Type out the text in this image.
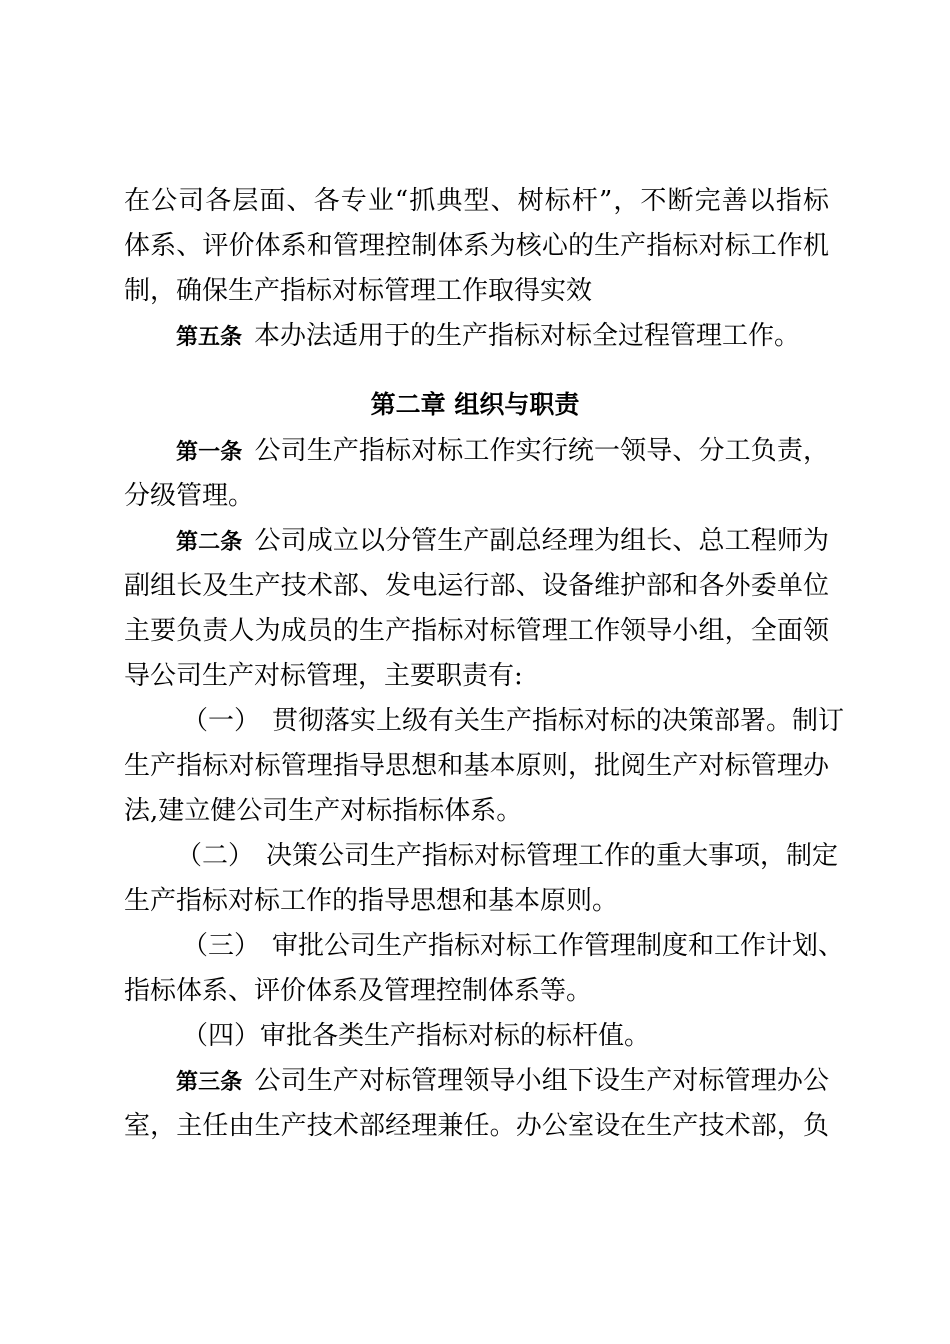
在公司各层面、各专业“抓典型、树标杆”，不断完善以指标
体系、评价体系和管理控制体系为核心的生产指标对标工作机
制，确保生产指标对标管理工作取得实效
第五条 本办法适用于的生产指标对标全过程管理工作。
第二章 组织与职责
第一条 公司生产指标对标工作实行统一领导、分工负责，
分级管理。
第二条 公司成立以分管生产副总经理为组长、总工程师为
副组长及生产技术部、发电运行部、设备维护部和各外委单位
主要负责人为成员的生产指标对标管理工作领导小组，全面领
导公司生产对标管理，主要职责有:
（一） 贯彻落实上级有关生产指标对标的决策部署。制订
生产指标对标管理指导思想和基本原则，批阅生产对标管理办
法,建立健公司生产对标指标体系。
（二） 决策公司生产指标对标管理工作的重大事项，制定
生产指标对标工作的指导思想和基本原则。
（三） 审批公司生产指标对标工作管理制度和工作计划、
指标体系、评价体系及管理控制体系等。
（四）审批各类生产指标对标的标杆值。
第三条 公司生产对标管理领导小组下设生产对标管理办公
室，主任由生产技术部经理兼任。办公室设在生产技术部，负
